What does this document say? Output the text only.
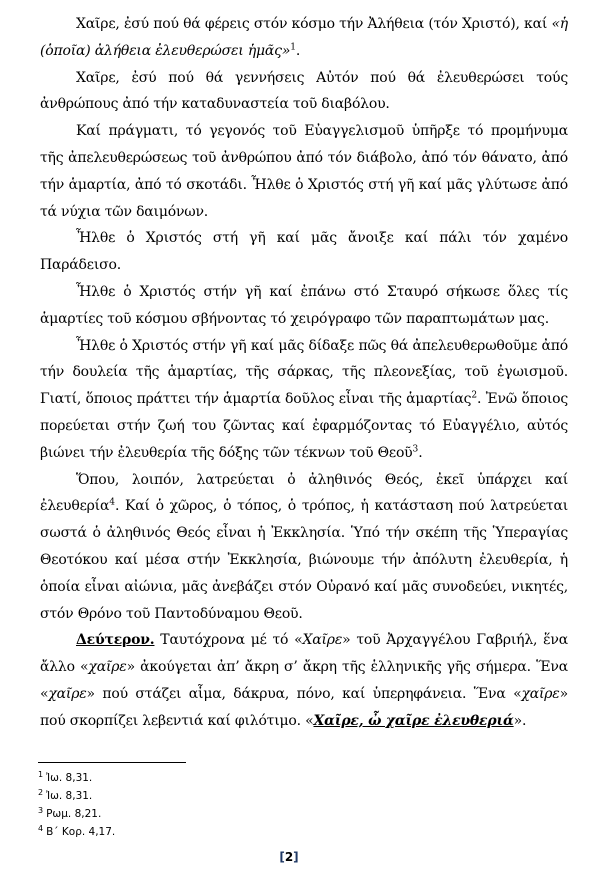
Χαῖρε, ἐσύ πού θά φέρεις στόν κόσμο τήν Ἀλήθεια (τόν Χριστό), καί «ἡ (ὁποῖα) ἀλήθεια ἐλευθερώσει ἡμᾶς»$^1$.

Χαῖρε, ἐσύ πού θά γεννήσεις Αὐτόν πού θά ἐλευθερώσει τούς ἀνθρώπους ἀπό τήν καταδυναστεία τοῦ διαβόλου.

Καί πράγματι, τό γεγονός τοῦ Εὐαγγελισμοῦ ὑπῆρξε τό προμήνυμα τῆς ἀπελευθερώσεως τοῦ ἀνθρώπου ἀπό τόν διάβολο, ἀπό τόν θάνατο, ἀπό τήν ἁμαρτία, ἀπό τό σκοτάδι. Ἦλθε ὁ Χριστός στή γῆ καί μᾶς γλύτωσε ἀπό τά νύχια τῶν δαιμόνων.

Ἦλθε ὁ Χριστός στή γῆ καί μᾶς ἄνοιξε καί πάλι τόν χαμένο Παράδεισο.

Ἦλθε ὁ Χριστός στήν γῆ καί ἐπάνω στό Σταυρό σήκωσε ὅλες τίς ἁμαρτίες τοῦ κόσμου σβήνοντας τό χειρόγραφο τῶν παραπτωμάτων μας.

Ἦλθε ὁ Χριστός στήν γῆ καί μᾶς δίδαξε πῶς θά ἀπελευθερωθοῦμε ἀπό τήν δουλεία τῆς ἁμαρτίας, τῆς σάρκας, τῆς πλεονεξίας, τοῦ ἐγωισμοῦ. Γιατί, ὅποιος πράττει τήν ἁμαρτία δοῦλος εἶναι τῆς ἁμαρτίας$^2$. Ἐνῶ ὅποιος πορεύεται στήν ζωή του ζῶντας καί ἐφαρμόζοντας τό Εὐαγγέλιο, αὐτός βιώνει τήν ἐλευθερία τῆς δόξης τῶν τέκνων τοῦ Θεοῦ$^3$.

Ὅπου, λοιπόν, λατρεύεται ὁ ἀληθινός Θεός, ἐκεῖ ὑπάρχει καί ἐλευθερία$^4$. Καί ὁ χῶρος, ὁ τόπος, ὁ τρόπος, ἡ κατάσταση πού λατρεύεται σωστά ὁ ἀληθινός Θεός εἶναι ἡ Ἐκκλησία. Ὑπό τήν σκέπη τῆς Ὑπεραγίας Θεοτόκου καί μέσα στήν Ἐκκλησία, βιώνουμε τήν ἀπόλυτη ἐλευθερία, ἡ ὁποία εἶναι αἰώνια, μᾶς ἀνεβάζει στόν Οὐρανό καί μᾶς συνοδεύει, νικητές, στόν Θρόνο τοῦ Παντοδύναμου Θεοῦ.

Δεύτερον. Ταυτόχρονα μέ τό «Χαῖρε» τοῦ Ἀρχαγγέλου Γαβριήλ, ἕνα ἄλλο «χαῖρε» ἀκούγεται ἀπ’ ἄκρη σ’ ἄκρη τῆς ἑλληνικῆς γῆς σήμερα. Ἕνα «χαῖρε» πού στάζει αἷμα, δάκρυα, πόνο, καί ὑπερηφάνεια. Ἕνα «χαῖρε» πού σκορπίζει λεβεντιά καί φιλότιμο. «Χαῖρε, ὦ χαῖρε ἐλευθεριά».

$^1$ Ἰω. 8,31.
$^2$ Ἰω. 8,31.
$^3$ Ρωμ. 8,21.
$^4$ Β΄ Κορ. 4,17.
[2]
